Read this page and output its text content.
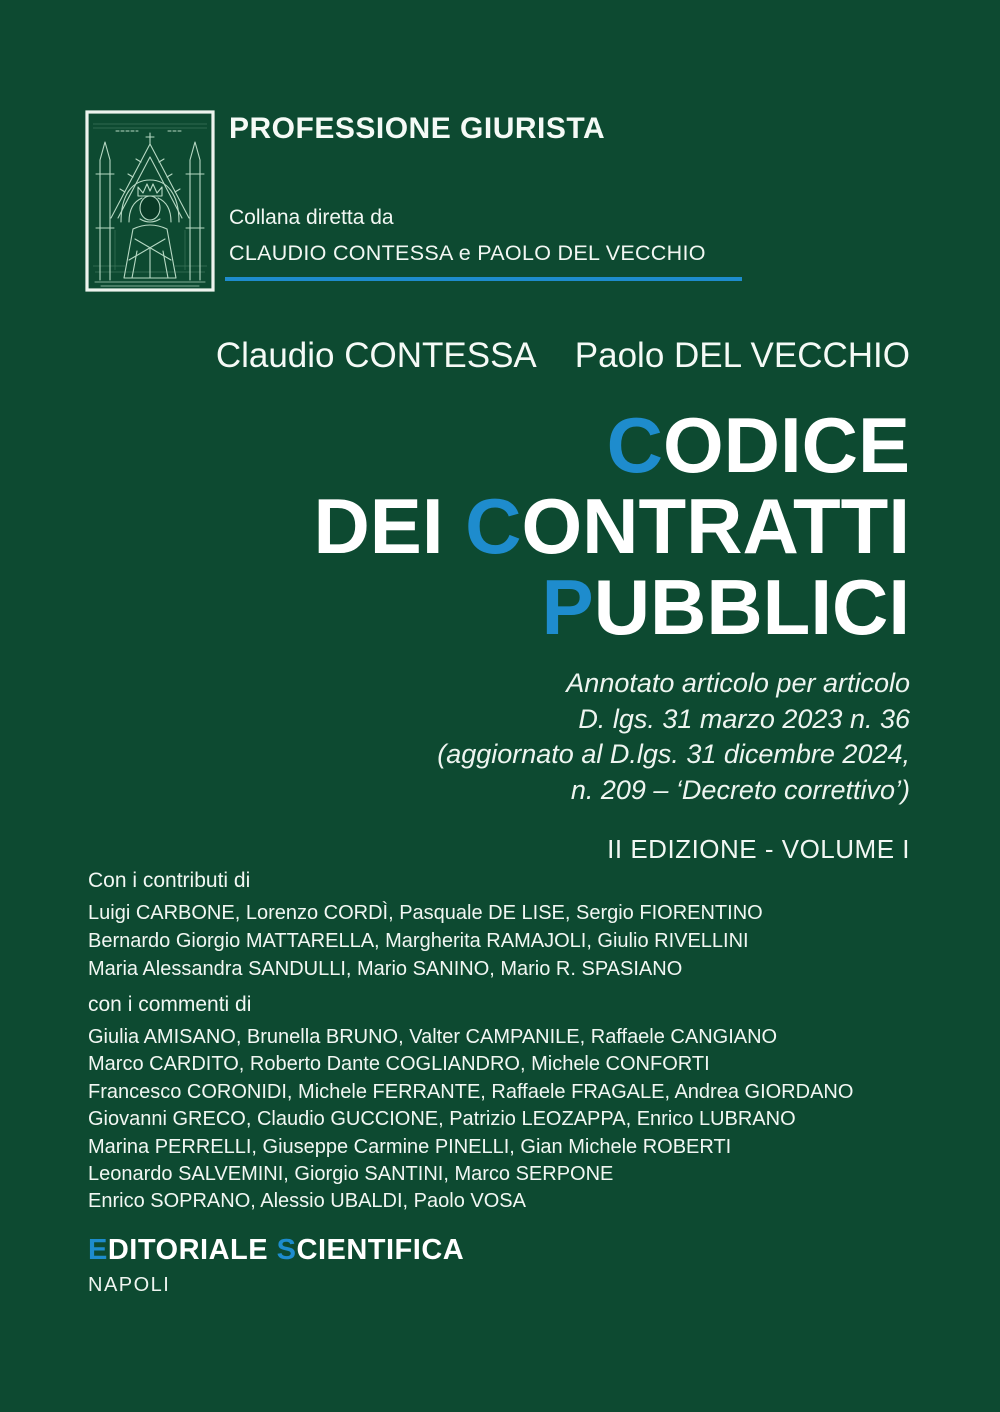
PROFESSIONE GIURISTA
Collana diretta da
CLAUDIO CONTESSA e PAOLO DEL VECCHIO
Claudio CONTESSA Paolo DEL VECCHIO
CODICE
DEI CONTRATTI
PUBBLICI
Annotato articolo per articolo
D. lgs. 31 marzo 2023 n. 36
(aggiornato al D.lgs. 31 dicembre 2024,
n. 209 – ‘Decreto correttivo’)
II EDIZIONE - VOLUME I
Con i contributi di
Luigi CARBONE, Lorenzo CORDÌ, Pasquale DE LISE, Sergio FIORENTINO
Bernardo Giorgio MATTARELLA, Margherita RAMAJOLI, Giulio RIVELLINI
Maria Alessandra SANDULLI, Mario SANINO, Mario R. SPASIANO
con i commenti di
Giulia AMISANO, Brunella BRUNO, Valter CAMPANILE, Raffaele CANGIANO
Marco CARDITO, Roberto Dante COGLIANDRO, Michele CONFORTI
Francesco CORONIDI, Michele FERRANTE, Raffaele FRAGALE, Andrea GIORDANO
Giovanni GRECO, Claudio GUCCIONE, Patrizio LEOZAPPA, Enrico LUBRANO
Marina PERRELLI, Giuseppe Carmine PINELLI, Gian Michele ROBERTI
Leonardo SALVEMINI, Giorgio SANTINI, Marco SERPONE
Enrico SOPRANO, Alessio UBALDI, Paolo VOSA
EDITORIALE SCIENTIFICA
NAPOLI
